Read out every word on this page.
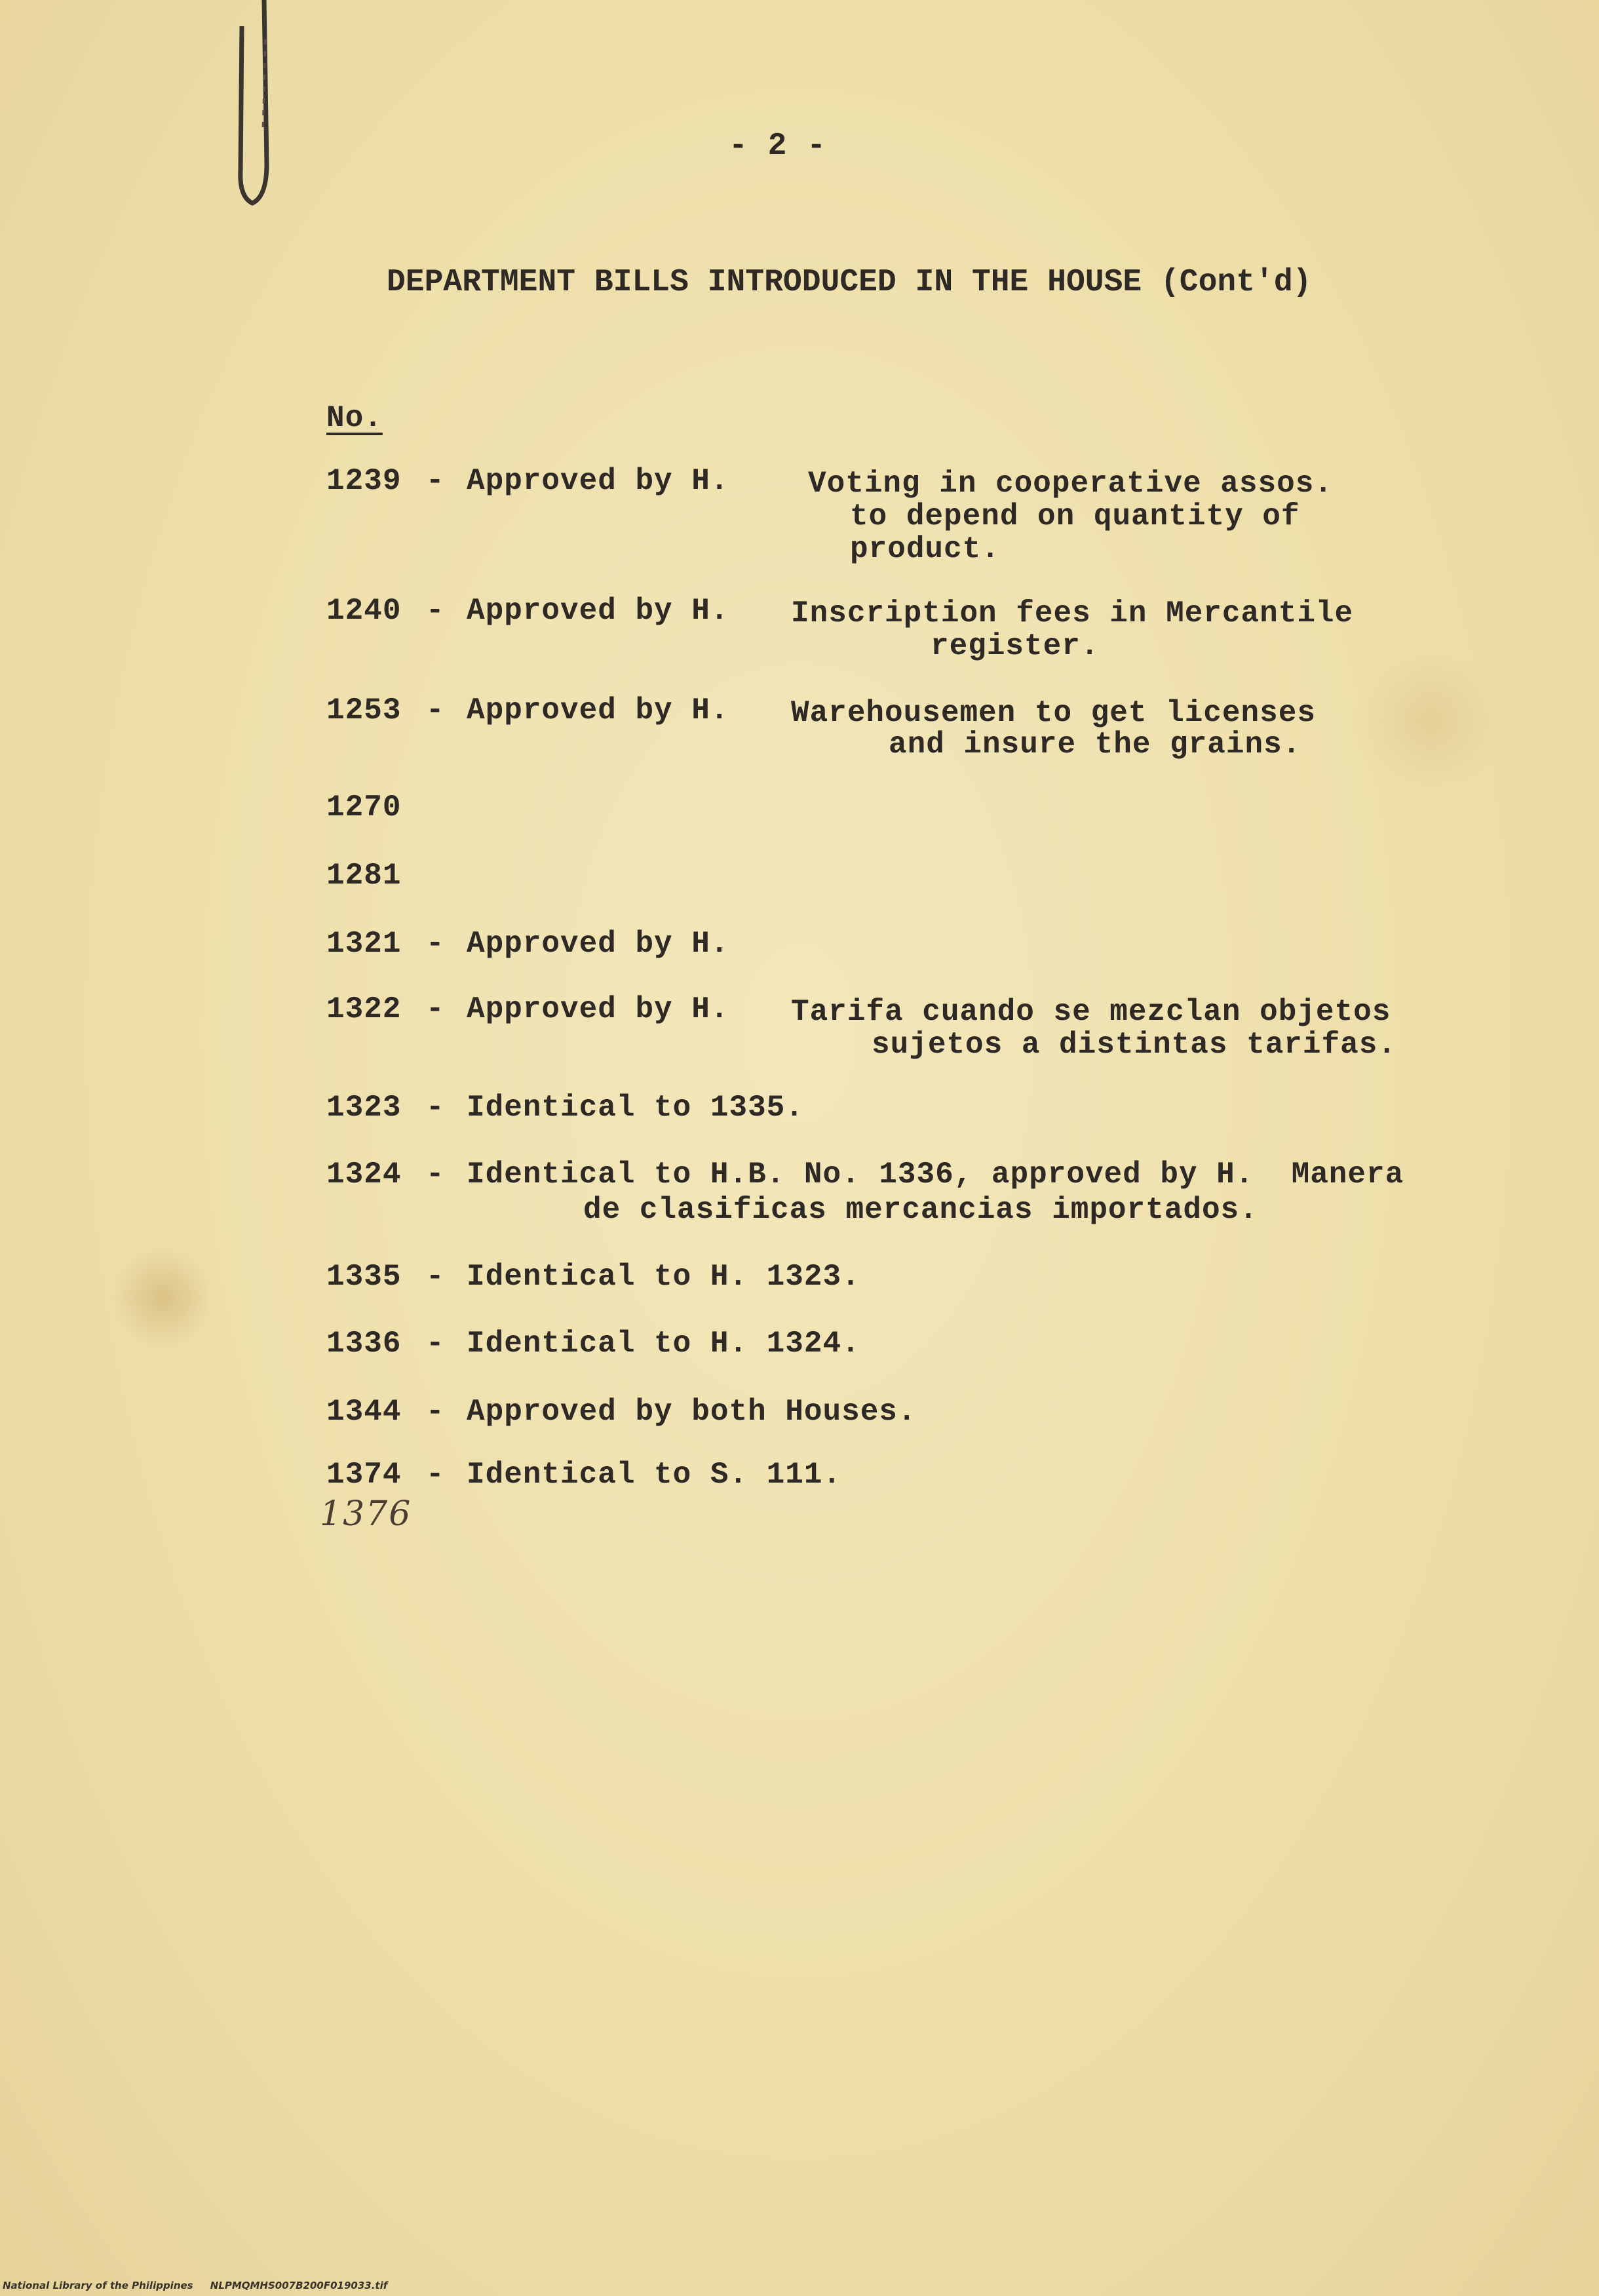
- 2 -
DEPARTMENT BILLS INTRODUCED IN THE HOUSE (Cont'd)
No.
1239 - Approved by H.	Voting in cooperative assos.
to depend on quantity of
product.
1240 - Approved by H. Inscription fees in Mercantile
register.
1253 - Approved by H. Warehousemen to get licenses
and insure the grains.
1270
1281
1321 - Approved by H.
1322 - Approved by H. Tarifa cuando se mezclan objetos
sujetos a distintas tarifas.
1323 - Identical to 1335.
1324 - Identical to H.B. No. 1336, approved by H.  Manera
de clasificas mercancias importados.
1335 - Identical to H. 1323.
1336 - Identical to H. 1324.
1344 - Approved by both Houses.
1374 - Identical to S. 111.
1376
National Library of the Philippines     NLPMQMHS007B200F019033.tif
